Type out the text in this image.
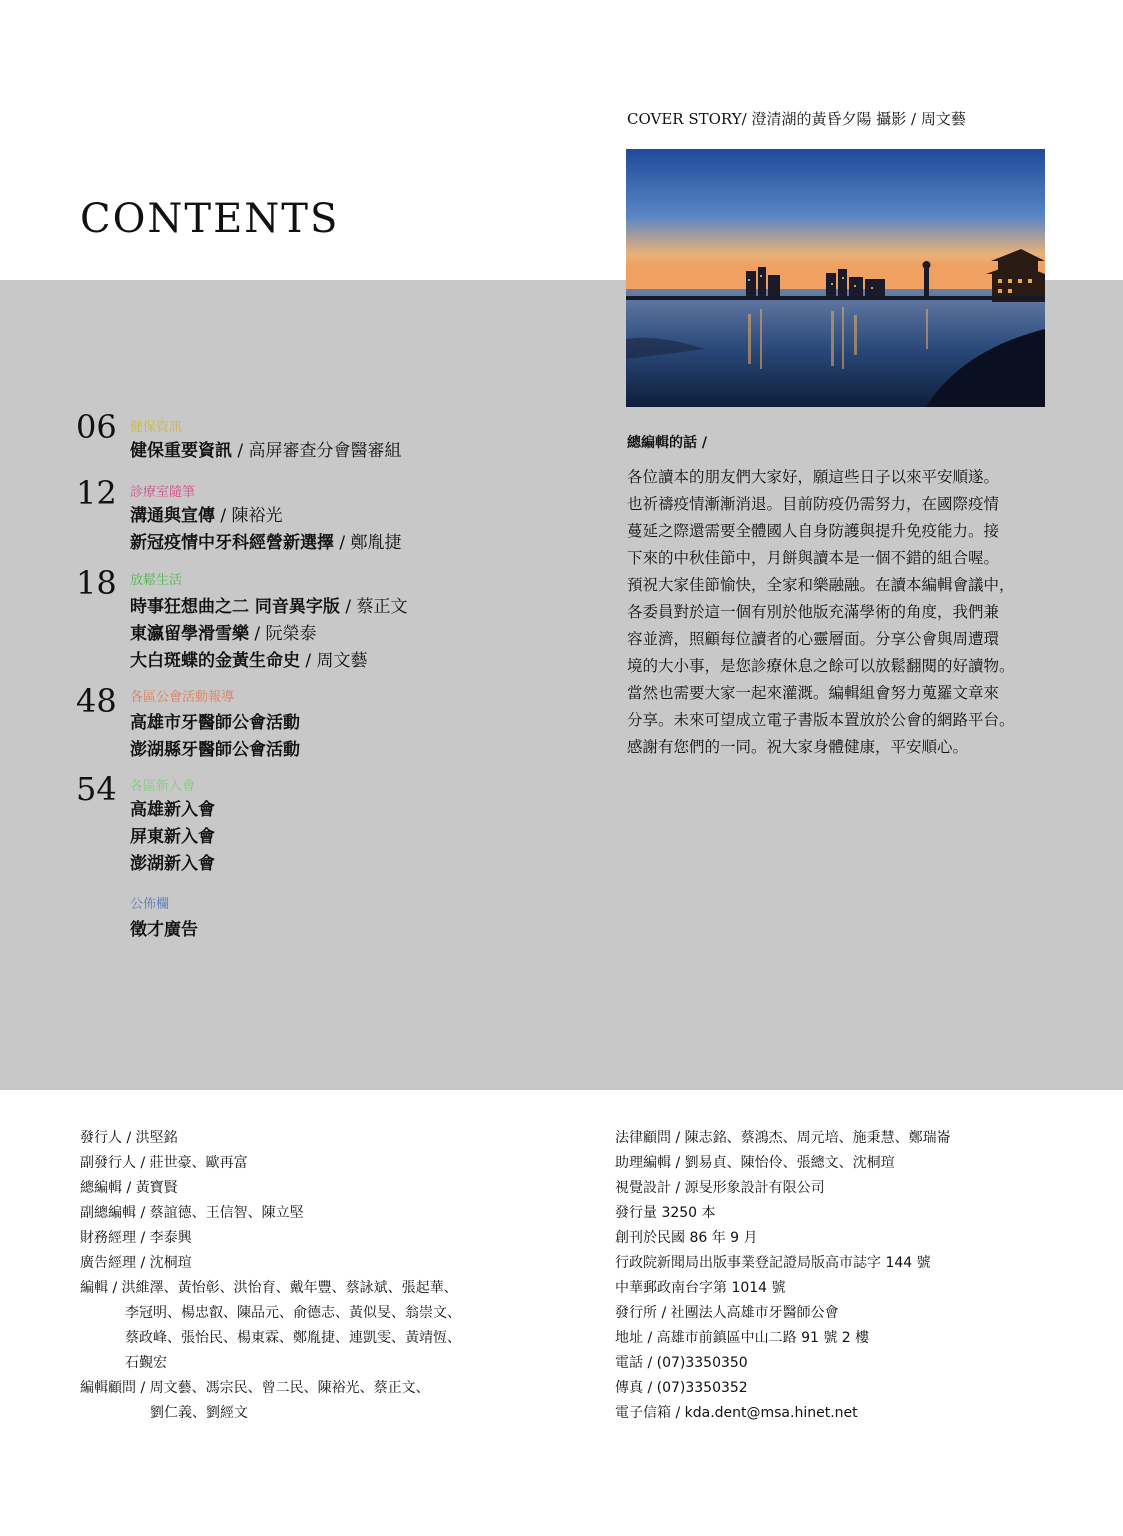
CONTENTS
COVER STORY/ 澄清湖的黃昏夕陽 攝影 / 周文藝
06 健保資訊
健保重要資訊 / 高屏審查分會醫審組
12 診療室隨筆
溝通與宣傳 / 陳裕光
新冠疫情中牙科經營新選擇 / 鄭胤捷
18 放鬆生活
時事狂想曲之二 同音異字版 / 蔡正文
東瀛留學滑雪樂 / 阮榮泰
大白斑蝶的金黃生命史 / 周文藝
48 各區公會活動報導
高雄市牙醫師公會活動
澎湖縣牙醫師公會活動
54 各區新入會
高雄新入會
屏東新入會
澎湖新入會
公佈欄
徵才廣告
總編輯的話 /

各位讀本的朋友們大家好，願這些日子以來平安順遂。

也祈禱疫情漸漸消退。目前防疫仍需努力，在國際疫情

蔓延之際還需要全體國人自身防護與提升免疫能力。接

下來的中秋佳節中，月餅與讀本是一個不錯的組合喔。

預祝大家佳節愉快，全家和樂融融。在讀本編輯會議中，

各委員對於這一個有別於他版充滿學術的角度，我們兼

容並濟，照顧每位讀者的心靈層面。分享公會與周遭環

境的大小事，是您診療休息之餘可以放鬆翻閱的好讀物。

當然也需要大家一起來灌溉。編輯組會努力蒐羅文章來

分享。未來可望成立電子書版本置放於公會的網路平台。

感謝有您們的一同。祝大家身體健康，平安順心。

發行人 / 洪堅銘
副發行人 / 莊世豪、歐再富
總編輯 / 黃寶賢
副總編輯 / 蔡誼德、王信智、陳立堅
財務經理 / 李泰興
廣告經理 / 沈桐瑄
編輯 / 洪維澤、黃怡彰、洪怡育、戴年豐、蔡詠斌、張起華、
李冠明、楊忠叡、陳品元、俞德志、黃似旻、翁崇文、
蔡政峰、張怡民、楊東霖、鄭胤捷、連凱雯、黃靖恆、
石覲宏
編輯顧問 / 周文藝、馮宗民、曾二民、陳裕光、蔡正文、
劉仁義、劉經文
法律顧問 / 陳志銘、蔡鴻杰、周元培、施秉慧、鄭瑞崙
助理編輯 / 劉易貞、陳怡伶、張總文、沈桐瑄
視覺設計 / 源旻形象設計有限公司
發行量 3250 本
創刊於民國 86 年 9 月
行政院新聞局出版事業登記證局版高市誌字 144 號
中華郵政南台字第 1014 號
發行所 / 社團法人高雄市牙醫師公會
地址 / 高雄市前鎮區中山二路 91 號 2 樓
電話 / (07)3350350
傳真 / (07)3350352
電子信箱 / kda.dent@msa.hinet.net
